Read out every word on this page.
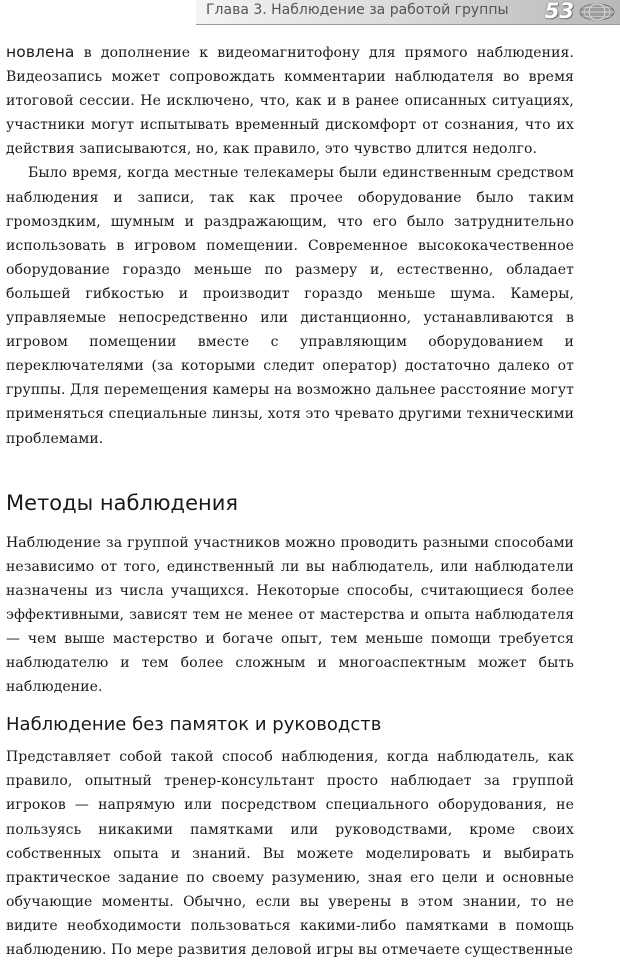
Глава 3. Наблюдение за работой группы 53

новлена в дополнение к видеомагнитофону для прямого наблюдения. Видеозапись может сопровождать комментарии наблюдателя во время итоговой сессии. Не исключено, что, как и в ранее описанных ситуациях, участники могут испытывать временный дискомфорт от сознания, что их действия записываются, но, как правило, это чувство длится недолго.

Было время, когда местные телекамеры были единственным средством наблюдения и записи, так как прочее оборудование было таким громоздким, шумным и раздражающим, что его было затруднительно использовать в игровом помещении. Современное высококачественное оборудование гораздо меньше по размеру и, естественно, обладает большей гибкостью и производит гораздо меньше шума. Камеры, управляемые непосредственно или дистанционно, устанавливаются в игровом помещении вместе с управляющим оборудованием и переключателями (за которыми следит оператор) достаточно далеко от группы. Для перемещения камеры на возможно дальнее расстояние могут применяться специальные линзы, хотя это чревато другими техническими проблемами.

Методы наблюдения

Наблюдение за группой участников можно проводить разными способами независимо от того, единственный ли вы наблюдатель, или наблюдатели назначены из числа учащихся. Некоторые способы, считающиеся более эффективными, зависят тем не менее от мастерства и опыта наблюдателя — чем выше мастерство и богаче опыт, тем меньше помощи требуется наблюдателю и тем более сложным и многоаспектным может быть наблюдение.

Наблюдение без памяток и руководств

Представляет собой такой способ наблюдения, когда наблюдатель, как правило, опытный тренер-консультант просто наблюдает за группой игроков — напрямую или посредством специального оборудования, не пользуясь никакими памятками или руководствами, кроме своих собственных опыта и знаний. Вы можете моделировать и выбирать практическое задание по своему разумению, зная его цели и основные обучающие моменты. Обычно, если вы уверены в этом знании, то не видите необходимости пользоваться какими-либо памятками в помощь наблюдению. По мере развития деловой игры вы отмечаете существенные
